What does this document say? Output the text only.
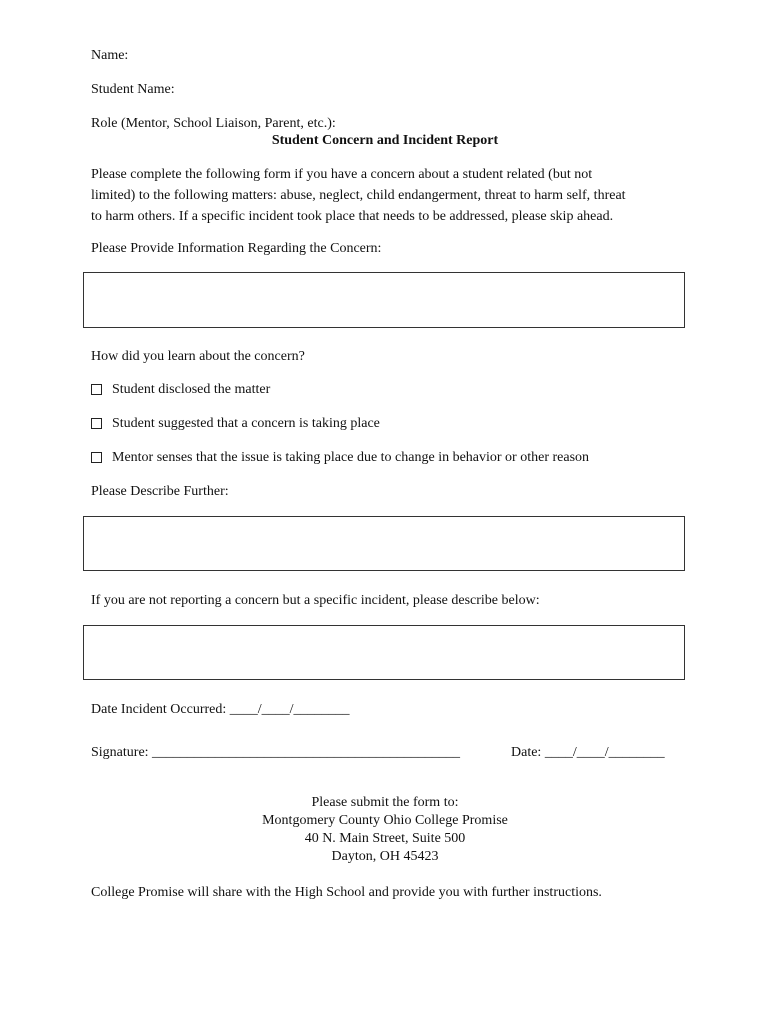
Name:
Student Name:
Role (Mentor, School Liaison, Parent, etc.):
Student Concern and Incident Report
Please complete the following form if you have a concern about a student related (but not
limited) to the following matters: abuse, neglect, child endangerment, threat to harm self, threat
to harm others. If a specific incident took place that needs to be addressed, please skip ahead.
Please Provide Information Regarding the Concern:
How did you learn about the concern?
Student disclosed the matter
Student suggested that a concern is taking place
Mentor senses that the issue is taking place due to change in behavior or other reason
Please Describe Further:
If you are not reporting a concern but a specific incident, please describe below:
Date Incident Occurred: ____/____/________
Signature: ____________________________________________	Date: ____/____/________
Please submit the form to:
Montgomery County Ohio College Promise
40 N. Main Street, Suite 500
Dayton, OH 45423
College Promise will share with the High School and provide you with further instructions.
